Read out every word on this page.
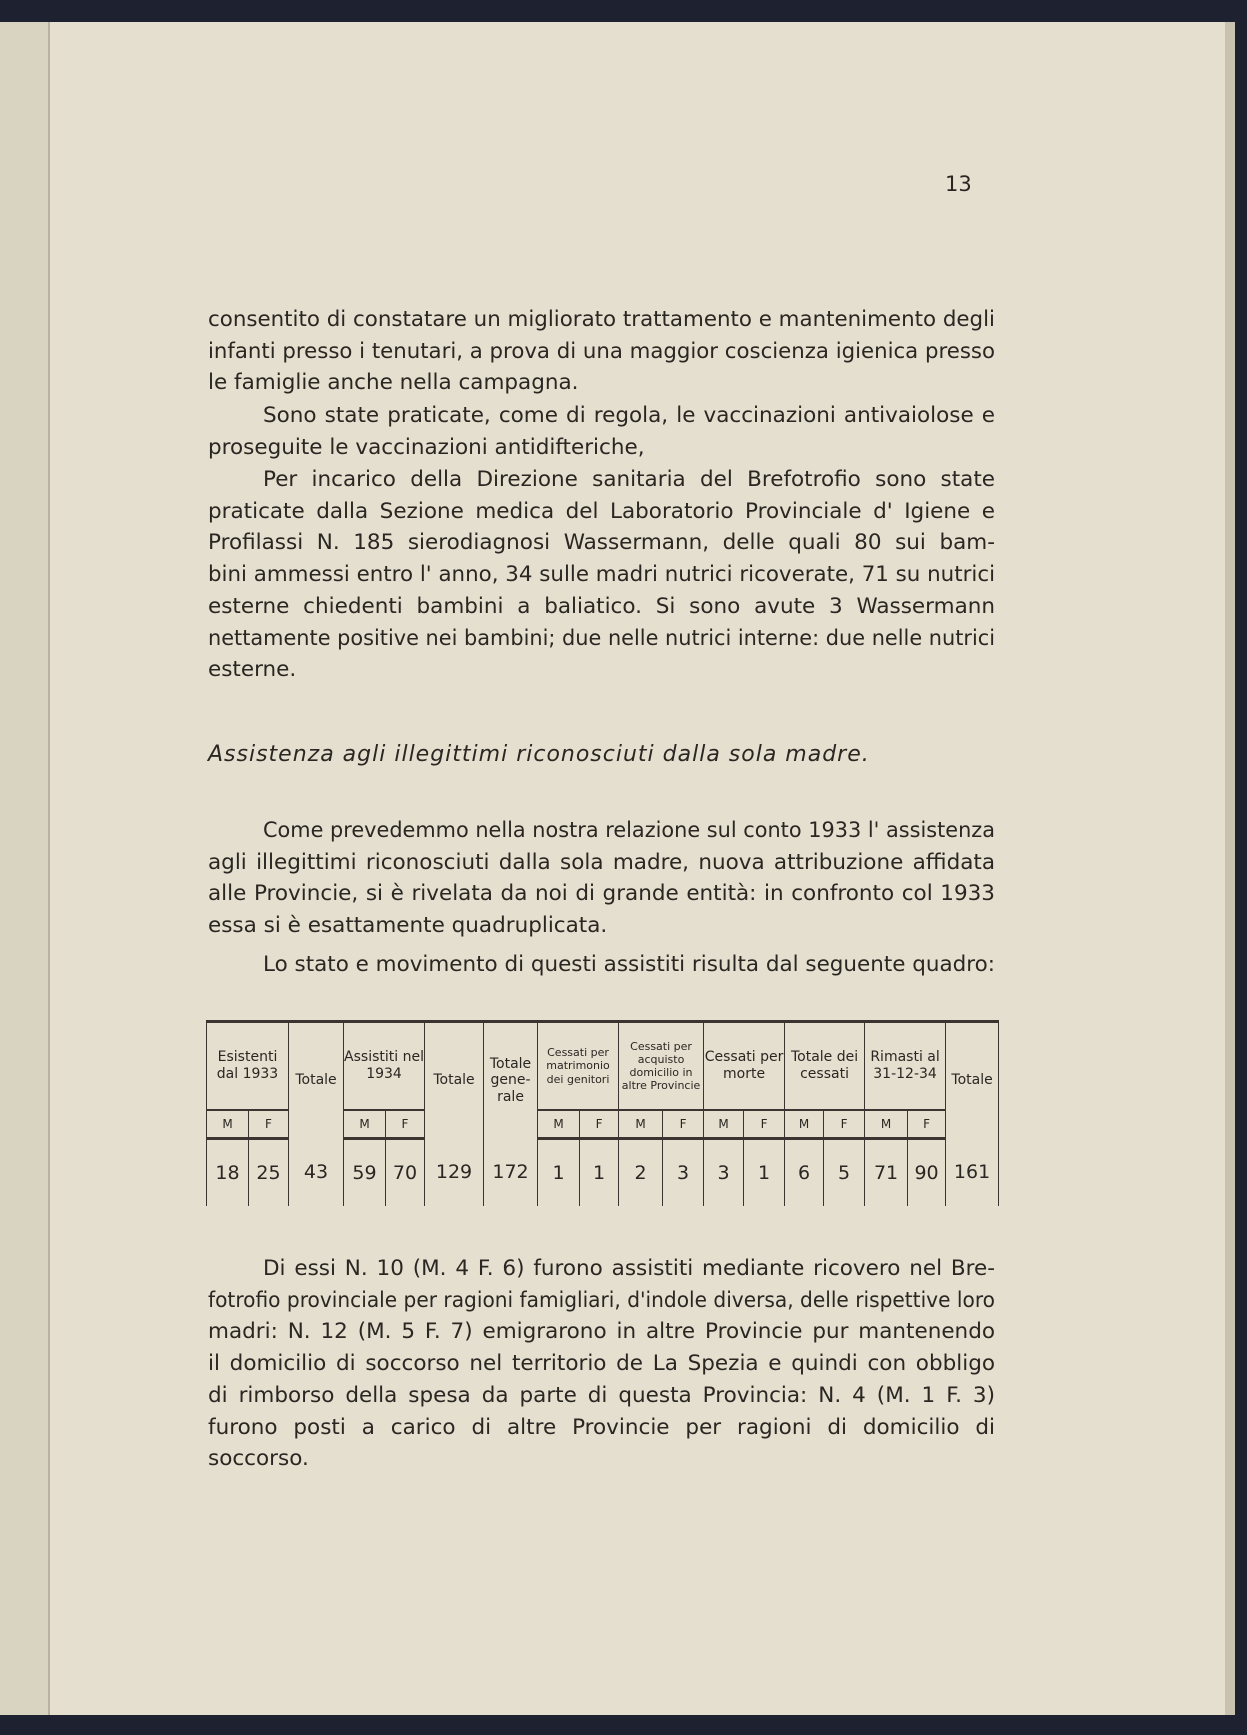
13
consentito di constatare un migliorato trattamento e mantenimento degli
infanti presso i tenutari, a prova di una maggior coscienza igienica presso
le famiglie anche nella campagna.
Sono state praticate, come di regola, le vaccinazioni antivaiolose e
proseguite le vaccinazioni antidifteriche,
Per incarico della Direzione sanitaria del Brefotrofio sono state
praticate dalla Sezione medica del Laboratorio Provinciale d' Igiene e
Profilassi N. 185 sierodiagnosi Wassermann, delle quali 80 sui bam-
bini ammessi entro l' anno, 34 sulle madri nutrici ricoverate, 71 su nutrici
esterne chiedenti bambini a baliatico. Si sono avute 3 Wassermann
nettamente positive nei bambini; due nelle nutrici interne: due nelle nutrici
esterne.
Come prevedemmo nella nostra relazione sul conto 1933 l' assistenza
agli illegittimi riconosciuti dalla sola madre, nuova attribuzione affidata
alle Provincie, si è rivelata da noi di grande entità: in confronto col 1933
essa si è esattamente quadruplicata.
Lo stato e movimento di questi assistiti risulta dal seguente quadro:
Di essi N. 10 (M. 4 F. 6) furono assistiti mediante ricovero nel Bre-
fotrofio provinciale per ragioni famigliari, d'indole diversa, delle rispettive loro
madri: N. 12 (M. 5 F. 7) emigrarono in altre Provincie pur mantenendo
il domicilio di soccorso nel territorio de La Spezia e quindi con obbligo
di rimborso della spesa da parte di questa Provincia: N. 4 (M. 1 F. 3)
furono posti a carico di altre Provincie per ragioni di domicilio di
soccorso.
Assistenza agli illegittimi riconosciuti dalla sola madre.
Esistenti dal 1933		Totale	Assistiti nel 1934		Totale	Totale gene-rale	Cessati per matrimonio dei genitori		Cessati per acquisto domicilio in altre Provincie		Cessati per morte		Totale dei cessati		Rimasti al 31-12-34		Totale
M	F		M	F			M	F	M	F	M	F	M	F	M	F	
18	25	43	59	70	129	172	1	1	2	3	3	1	6	5	71	90	161
